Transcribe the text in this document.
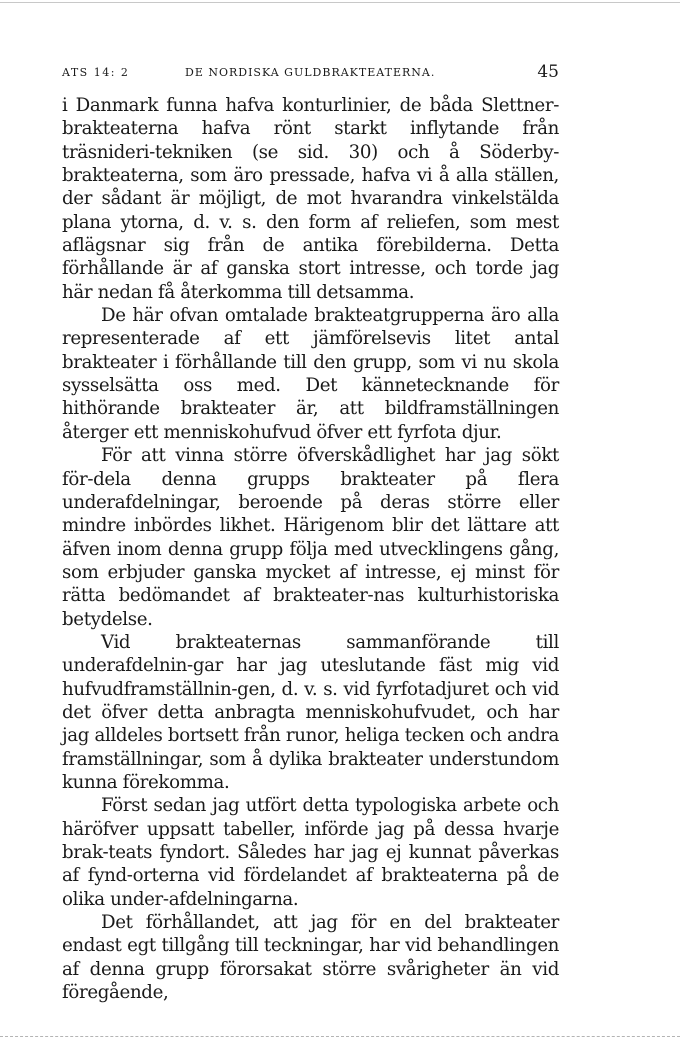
ATS 14: 2	DE NORDISKA GULDBRAKTEATERNA.	45

i Danmark funna hafva konturlinier, de båda Slettner-brakteaterna hafva rönt starkt inflytande från träsnideri-tekniken (se sid. 30) och å Söderby-brakteaterna, som äro pressade, hafva vi å alla ställen, der sådant är möjligt, de mot hvarandra vinkelstälda plana ytorna, d. v. s. den form af reliefen, som mest aflägsnar sig från de antika förebilderna. Detta förhållande är af ganska stort intresse, och torde jag här nedan få återkomma till detsamma.

De här ofvan omtalade brakteatgrupperna äro alla representerade af ett jämförelsevis litet antal brakteater i förhållande till den grupp, som vi nu skola sysselsätta oss med. Det kännetecknande för hithörande brakteater är, att bildframställningen återger ett menniskohufvud öfver ett fyrfota djur.

För att vinna större öfverskådlighet har jag sökt för-dela denna grupps brakteater på flera underafdelningar, beroende på deras större eller mindre inbördes likhet. Härigenom blir det lättare att äfven inom denna grupp följa med utvecklingens gång, som erbjuder ganska mycket af intresse, ej minst för rätta bedömandet af brakteater-nas kulturhistoriska betydelse.

Vid brakteaternas sammanförande till underafdelnin-gar har jag uteslutande fäst mig vid hufvudframställnin-gen, d. v. s. vid fyrfotadjuret och vid det öfver detta anbragta menniskohufvudet, och har jag alldeles bortsett från runor, heliga tecken och andra framställningar, som å dylika brakteater understundom kunna förekomma.

Först sedan jag utfört detta typologiska arbete och häröfver uppsatt tabeller, införde jag på dessa hvarje brak-teats fyndort. Således har jag ej kunnat påverkas af fynd-orterna vid fördelandet af brakteaterna på de olika under-afdelningarna.

Det förhållandet, att jag för en del brakteater endast egt tillgång till teckningar, har vid behandlingen af denna grupp förorsakat större svårigheter än vid föregående,
